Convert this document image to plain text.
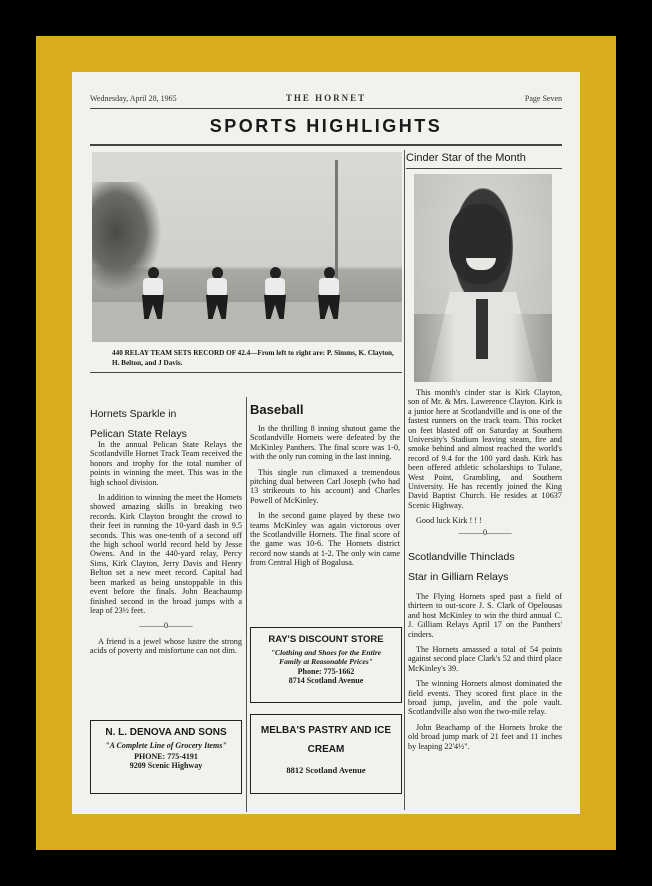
Wednesday, April 28, 1965	THE HORNET	Page Seven
SPORTS HIGHLIGHTS
440 RELAY TEAM SETS RECORD OF 42.4—From left to right are: P. Simms, K. Clayton, H. Belton, and J Davis.
Cinder Star of the Month

This month's cinder star is Kirk Clayton, son of Mr. & Mrs. Lawerence Clayton. Kirk is a junior here at Scotlandville and is one of the fastest runners on the track team. This rocket on feet blasted off on Saturday at Southern University's Stadium leaving steam, fire and smoke behind and almost reached the world's record of 9.4 for the 100 yard dash. Kirk has been offered athletic scholarships to Tulane, West Point, Grambling, and Southern University. He has recently joined the King David Baptist Church. He resides at 10637 Scenic Highway.

Good luck Kirk ! ! !

———0———
Scotlandville Thinclads
Star in Gilliam Relays

The Flying Hornets sped past a field of thirteen to out-score J. S. Clark of Opelousas and host McKinley to win the third annual C. J. Gilliam Relays April 17 on the Panthers' cinders.

The Hornets amassed a total of 54 points against second place Clark's 52 and third place McKinley's 39.

The winning Hornets almost dominated the field events. They scored first place in the broad jump, javelin, and the pole vault. Scotlandville also won the two-mile relay.

John Beachamp of the Hornets broke the old broad jump mark of 21 feet and 11 inches by leaping 22'4½".

Hornets Sparkle in
Pelican State Relays

In the annual Pelican State Relays the Scotlandville Hornet Track Team received the honors and trophy for the total number of points in winning the meet. This was in the high school division.

In addition to winning the meet the Hornets showed amazing skills in breaking two records. Kirk Clayton brought the crowd to their feet in running the 10-yard dash in 9.5 seconds. This was one-tenth of a second off the high school world record held by Jesse Owens. And in the 440-yard relay, Percy Sims, Kirk Clayton, Jerry Davis and Henry Belton set a new meet record. Capital had been marked as being unstoppable in this event before the finals. John Beachaump finished second in the broad jumps with a leap of 23½ feet.

———0———

A friend is a jewel whose lustre the strong acids of poverty and misfortune can not dim.

N. L. DENOVA AND SONS
"A Complete Line of Grocery Items"
PHONE: 775-4191
9209 Scenic Highway
Baseball

In the thrilling 8 inning shutout game the Scotlandville Hornets were defeated by the McKinley Panthers. The final score was 1-0, with the only run coming in the last inning.

This single run climaxed a tremendous pitching dual between Carl Joseph (who had 13 strikeouts to his account) and Charles Powell of McKinley.

In the second game played by these two teams McKinley was again victorous over the Scotlandville Hornets. The final score of the game was 10-6. The Hornets district record now stands at 1-2. The only win came from Central High of Bogalusa.

RAY'S DISCOUNT STORE
"Clothing and Shoes for the Entire Family at Reasonable Prices"
Phone: 775-1662
8714 Scotland Avenue
MELBA'S PASTRY AND ICE CREAM
8812 Scotland Avenue
